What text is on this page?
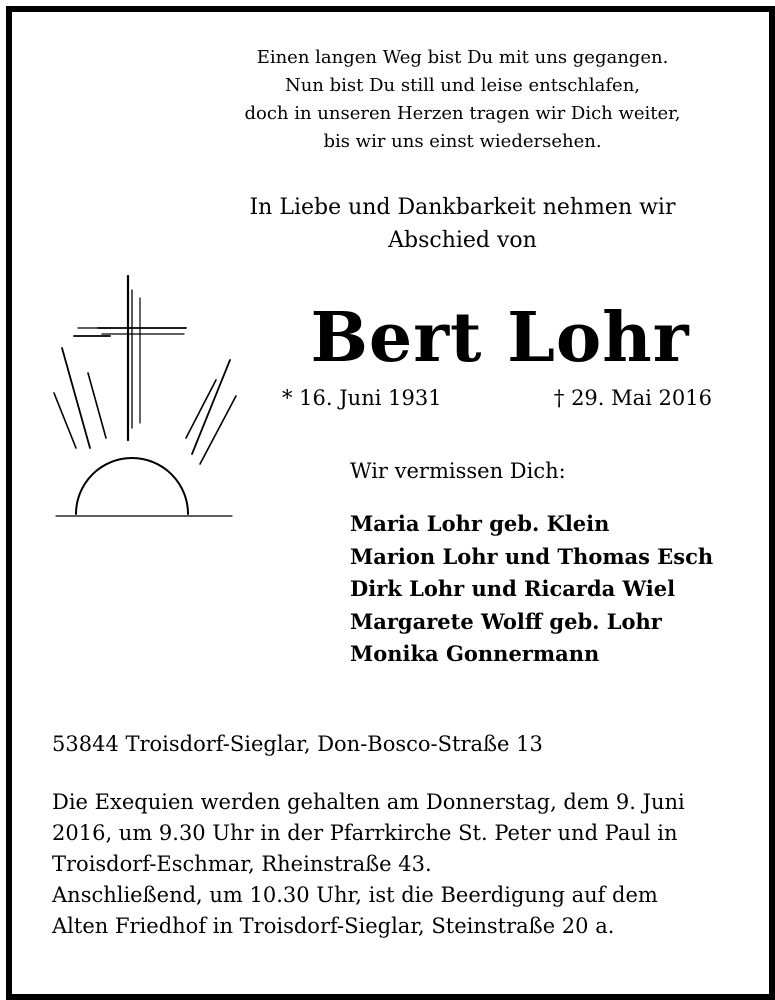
Einen langen Weg bist Du mit uns gegangen.
Nun bist Du still und leise entschlafen,
doch in unseren Herzen tragen wir Dich weiter,
bis wir uns einst wiedersehen.
In Liebe und Dankbarkeit nehmen wir
Abschied von
Bert Lohr
* 16. Juni 1931	† 29. Mai 2016
Wir vermissen Dich:
Maria Lohr geb. Klein
Marion Lohr und Thomas Esch
Dirk Lohr und Ricarda Wiel
Margarete Wolff geb. Lohr
Monika Gonnermann
53844 Troisdorf-Sieglar, Don-Bosco-Straße 13
Die Exequien werden gehalten am Donnerstag, dem 9. Juni
2016, um 9.30 Uhr in der Pfarrkirche St. Peter und Paul in
Troisdorf-Eschmar, Rheinstraße 43.
Anschließend, um 10.30 Uhr, ist die Beerdigung auf dem
Alten Friedhof in Troisdorf-Sieglar, Steinstraße 20 a.
